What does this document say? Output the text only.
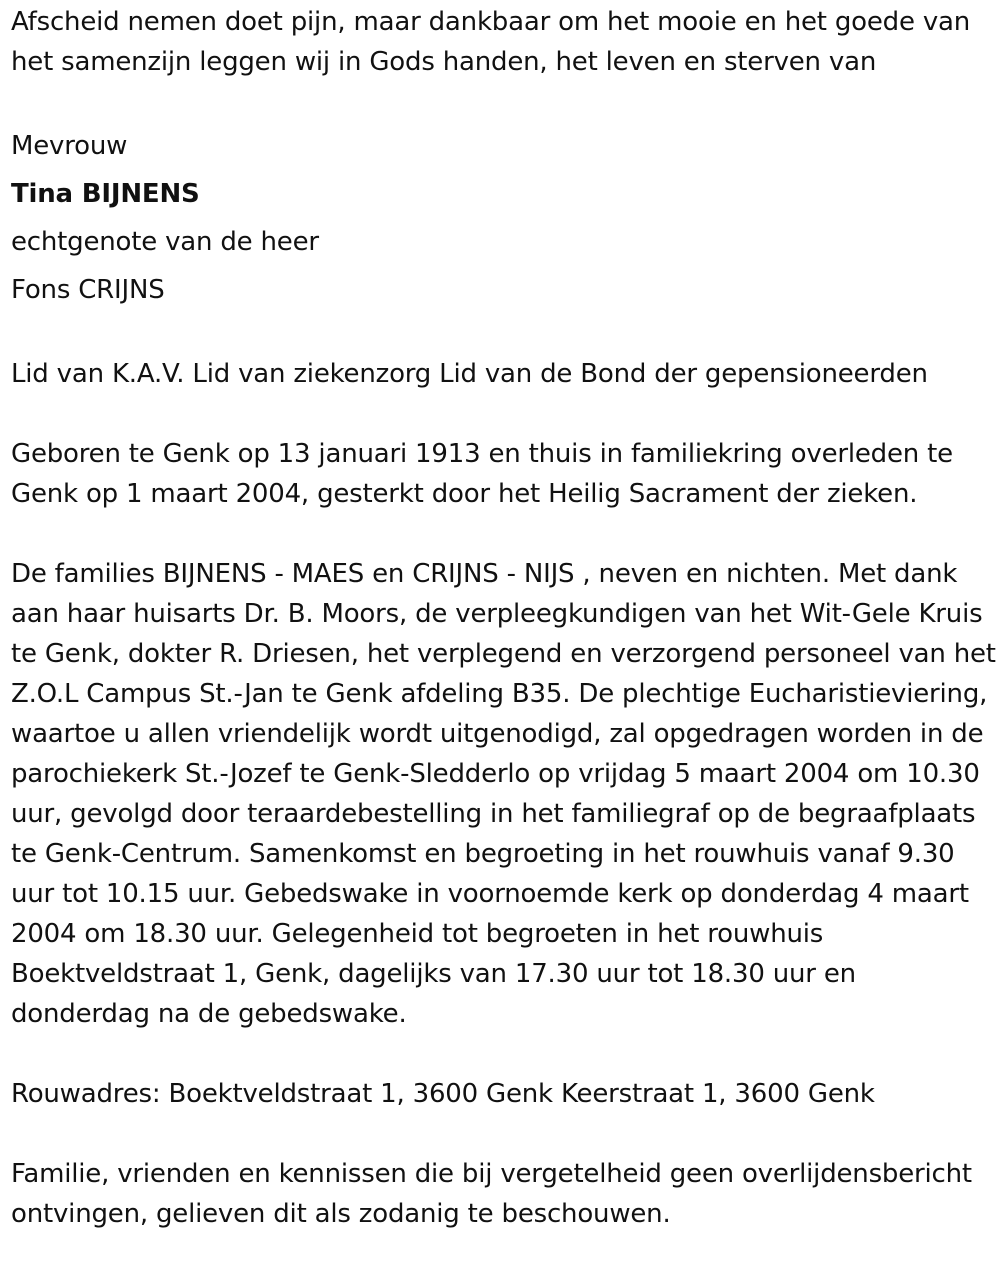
Afscheid nemen doet pijn, maar dankbaar om het mooie en het goede van het samenzijn leggen wij in Gods handen, het leven en sterven van

Mevrouw
Tina BIJNENS
echtgenote van de heer
Fons CRIJNS

Lid van K.A.V. Lid van ziekenzorg Lid van de Bond der gepensioneerden

Geboren te Genk op 13 januari 1913 en thuis in familiekring overleden te Genk op 1 maart 2004, gesterkt door het Heilig Sacrament der zieken.

De families BIJNENS - MAES en CRIJNS - NIJS , neven en nichten. Met dank aan haar huisarts Dr. B. Moors, de verpleegkundigen van het Wit-Gele Kruis te Genk, dokter R. Driesen, het verplegend en verzorgend personeel van het Z.O.L Campus St.-Jan te Genk afdeling B35. De plechtige Eucharistieviering, waartoe u allen vriendelijk wordt uitgenodigd, zal opgedragen worden in de parochiekerk St.-Jozef te Genk-Sledderlo op vrijdag 5 maart 2004 om 10.30 uur, gevolgd door teraardebestelling in het familiegraf op de begraafplaats te Genk-Centrum. Samenkomst en begroeting in het rouwhuis vanaf 9.30 uur tot 10.15 uur. Gebedswake in voornoemde kerk op donderdag 4 maart 2004 om 18.30 uur. Gelegenheid tot begroeten in het rouwhuis Boektveldstraat 1, Genk, dagelijks van 17.30 uur tot 18.30 uur en donderdag na de gebedswake.

Rouwadres: Boektveldstraat 1, 3600 Genk Keerstraat 1, 3600 Genk

Familie, vrienden en kennissen die bij vergetelheid geen overlijdensbericht ontvingen, gelieven dit als zodanig te beschouwen.
